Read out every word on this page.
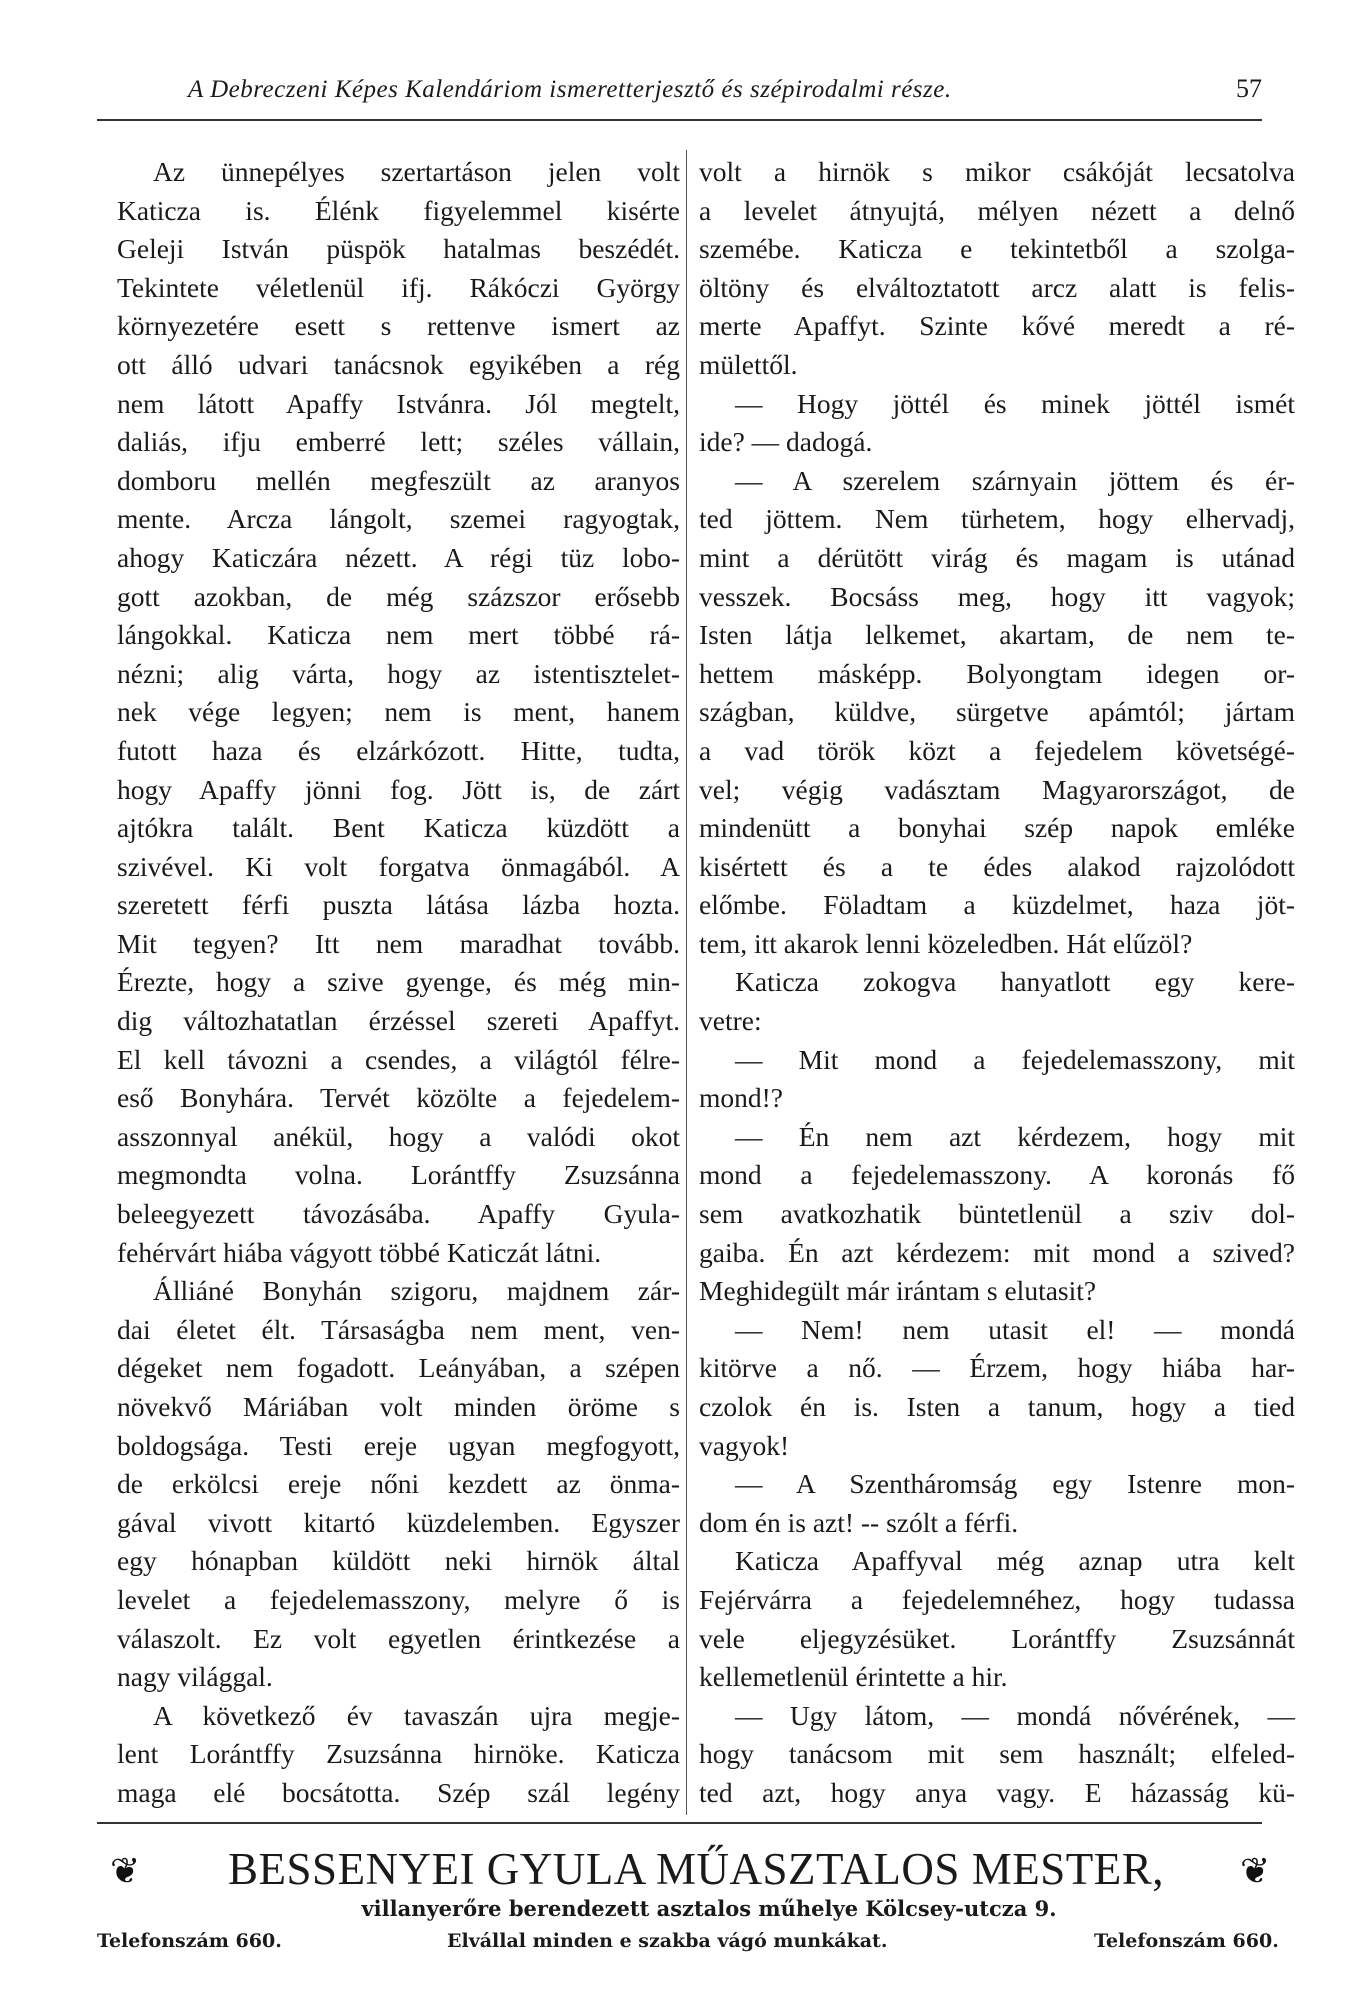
A Debreczeni Képes Kalendáriom ismeretterjesztő és szépirodalmi része.	57
Az ünnepélyes szertartáson jelen volt
Katicza is. Élénk figyelemmel kisérte
Geleji István püspök hatalmas beszédét.
Tekintete véletlenül ifj. Rákóczi György
környezetére esett s rettenve ismert az
ott álló udvari tanácsnok egyikében a rég
nem látott Apaffy Istvánra. Jól megtelt,
daliás, ifju emberré lett; széles vállain,
domboru mellén megfeszült az aranyos
mente. Arcza lángolt, szemei ragyogtak,
ahogy Katiczára nézett. A régi tüz lobo-
gott azokban, de még százszor erősebb
lángokkal. Katicza nem mert többé rá-
nézni; alig várta, hogy az istentisztelet-
nek vége legyen; nem is ment, hanem
futott haza és elzárkózott. Hitte, tudta,
hogy Apaffy jönni fog. Jött is, de zárt
ajtókra talált. Bent Katicza küzdött a
szivével. Ki volt forgatva önmagából. A
szeretett férfi puszta látása lázba hozta.
Mit tegyen? Itt nem maradhat tovább.
Érezte, hogy a szive gyenge, és még min-
dig változhatatlan érzéssel szereti Apaffyt.
El kell távozni a csendes, a világtól félre-
eső Bonyhára. Tervét közölte a fejedelem-
asszonnyal anékül, hogy a valódi okot
megmondta volna. Lorántffy Zsuzsánna
beleegyezett távozásába. Apaffy Gyula-
fehérvárt hiába vágyott többé Katiczát látni.
Álliáné Bonyhán szigoru, majdnem zár-
dai életet élt. Társaságba nem ment, ven-
dégeket nem fogadott. Leányában, a szépen
növekvő Máriában volt minden öröme s
boldogsága. Testi ereje ugyan megfogyott,
de erkölcsi ereje nőni kezdett az önma-
gával vivott kitartó küzdelemben. Egyszer
egy hónapban küldött neki hirnök által
levelet a fejedelemasszony, melyre ő is
válaszolt. Ez volt egyetlen érintkezése a
nagy világgal.
A következő év tavaszán ujra megje-
lent Lorántffy Zsuzsánna hirnöke. Katicza
maga elé bocsátotta. Szép szál legény
volt a hirnök s mikor csákóját lecsatolva
a levelet átnyujtá, mélyen nézett a delnő
szemébe. Katicza e tekintetből a szolga-
öltöny és elváltoztatott arcz alatt is felis-
merte Apaffyt. Szinte kővé meredt a ré-
mülettől.
— Hogy jöttél és minek jöttél ismét
ide? — dadogá.
— A szerelem szárnyain jöttem és ér-
ted jöttem. Nem türhetem, hogy elhervadj,
mint a dérütött virág és magam is utánad
vesszek. Bocsáss meg, hogy itt vagyok;
Isten látja lelkemet, akartam, de nem te-
hettem másképp. Bolyongtam idegen or-
szágban, küldve, sürgetve apámtól; jártam
a vad török közt a fejedelem követségé-
vel; végig vadásztam Magyarországot, de
mindenütt a bonyhai szép napok emléke
kisértett és a te édes alakod rajzolódott
előmbe. Föladtam a küzdelmet, haza jöt-
tem, itt akarok lenni közeledben. Hát elűzöl?
Katicza zokogva hanyatlott egy kere-
vetre:
— Mit mond a fejedelemasszony, mit
mond!?
— Én nem azt kérdezem, hogy mit
mond a fejedelemasszony. A koronás fő
sem avatkozhatik büntetlenül a sziv dol-
gaiba. Én azt kérdezem: mit mond a szived?
Meghidegült már irántam s elutasit?
— Nem! nem utasit el! — mondá
kitörve a nő. — Érzem, hogy hiába har-
czolok én is. Isten a tanum, hogy a tied
vagyok!
— A Szentháromság egy Istenre mon-
dom én is azt! -- szólt a férfi.
Katicza Apaffyval még aznap utra kelt
Fejérvárra a fejedelemnéhez, hogy tudassa
vele eljegyzésüket. Lorántffy Zsuzsánnát
kellemetlenül érintette a hir.
— Ugy látom, — mondá nővérének, —
hogy tanácsom mit sem használt; elfeled-
ted azt, hogy anya vagy. E házasság kü-
❦	BESSENYEI GYULA MŰASZTALOS MESTER,	❦
villanyerőre berendezett asztalos műhelye Kölcsey-utcza 9.
Telefonszám 660.	Elvállal minden e szakba vágó munkákat.	Telefonszám 660.
